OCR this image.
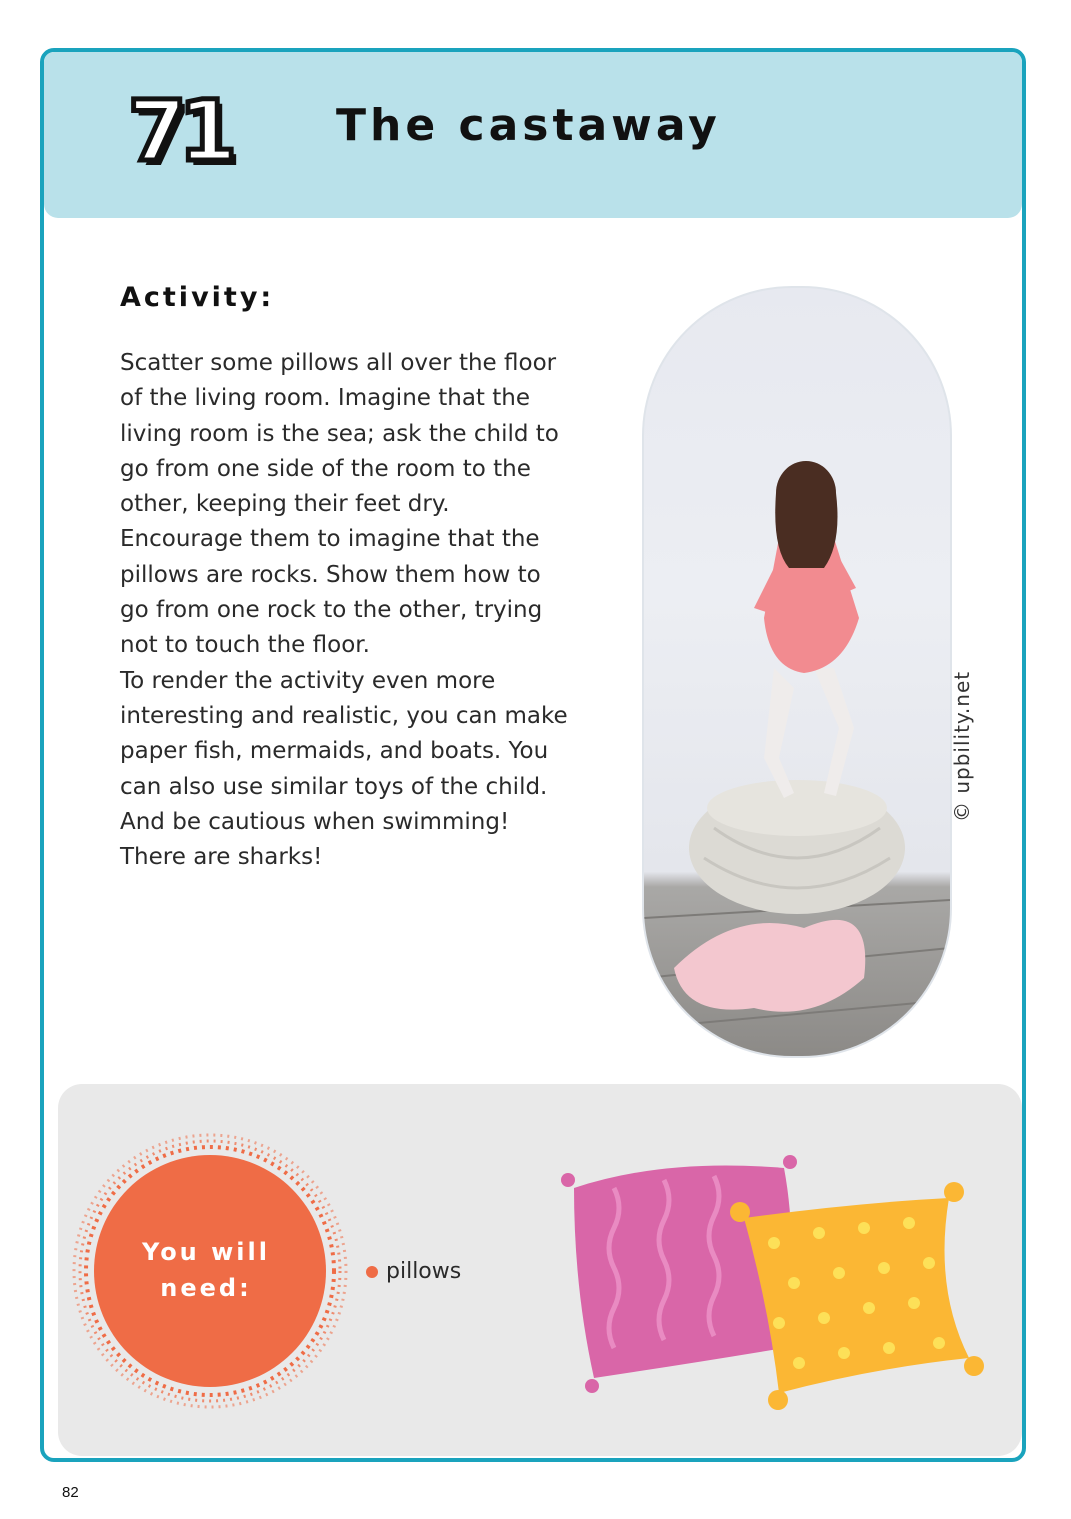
71 The castaway
Activity:

Scatter some pillows all over the floor of the living room. Imagine that the living room is the sea; ask the child to go from one side of the room to the other, keeping their feet dry. Encourage them to imagine that the pillows are rocks. Show them how to go from one rock to the other, trying not to touch the floor.

To render the activity even more interesting and realistic, you can make paper fish, mermaids, and boats. You can also use similar toys of the child. And be cautious when swimming! There are sharks!

You will need:
pillows
© upbility.net
82
